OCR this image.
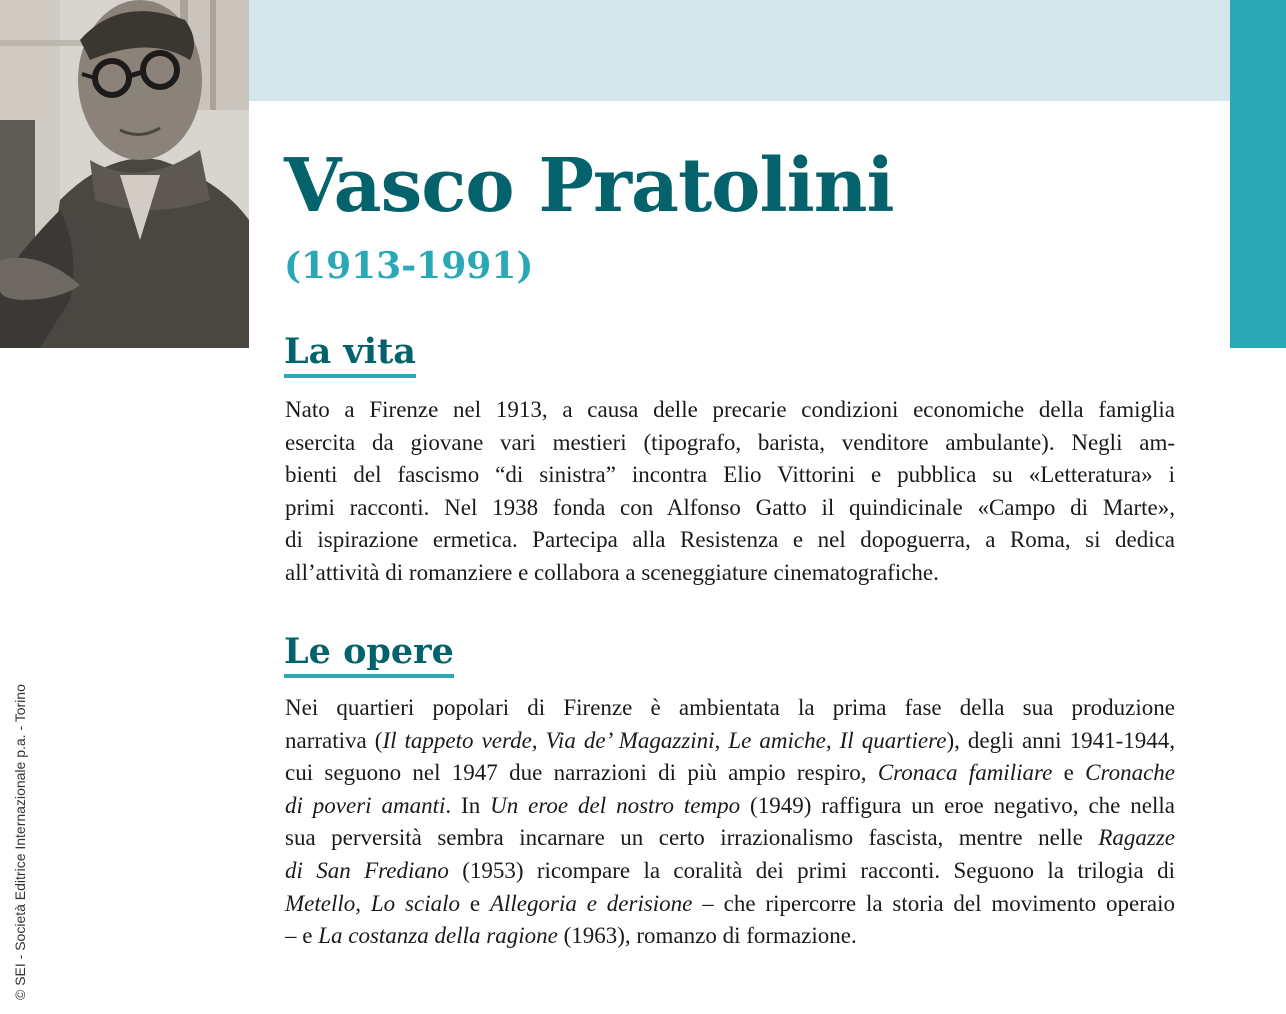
Vasco Pratolini
(1913-1991)
La vita
Nato a Firenze nel 1913, a causa delle precarie condizioni economiche della famiglia
esercita da giovane vari mestieri (tipografo, barista, venditore ambulante). Negli am-
bienti del fascismo “di sinistra” incontra Elio Vittorini e pubblica su «Letteratura» i
primi racconti. Nel 1938 fonda con Alfonso Gatto il quindicinale «Campo di Marte»,
di ispirazione ermetica. Partecipa alla Resistenza e nel dopoguerra, a Roma, si dedica
all’attività di romanziere e collabora a sceneggiature cinematografiche.
Le opere
Nei quartieri popolari di Firenze è ambientata la prima fase della sua produzione
narrativa (Il tappeto verde, Via de’ Magazzini, Le amiche, Il quartiere), degli anni 1941-1944,
cui seguono nel 1947 due narrazioni di più ampio respiro, Cronaca familiare e Cronache
di poveri amanti. In Un eroe del nostro tempo (1949) raffigura un eroe negativo, che nella
sua perversità sembra incarnare un certo irrazionalismo fascista, mentre nelle Ragazze
di San Frediano (1953) ricompare la coralità dei primi racconti. Seguono la trilogia di
Metello, Lo scialo e Allegoria e derisione – che ripercorre la storia del movimento operaio
– e La costanza della ragione (1963), romanzo di formazione.
© SEI - Società Editrice Internazionale p.a. - Torino
